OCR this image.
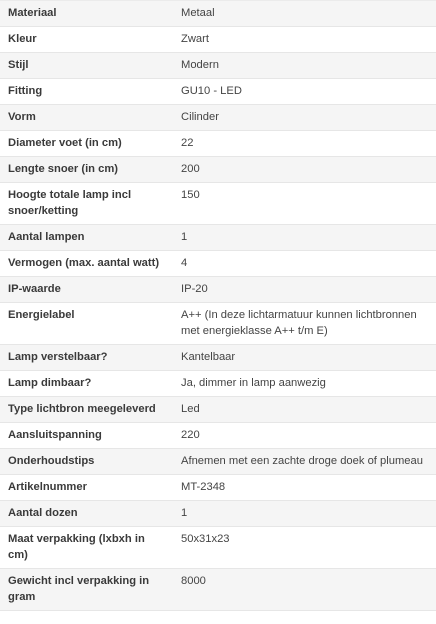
Materiaal	Metaal
Kleur	Zwart
Stijl	Modern
Fitting	GU10 - LED
Vorm	Cilinder
Diameter voet (in cm)	22
Lengte snoer (in cm)	200
Hoogte totale lamp incl snoer/ketting	150
Aantal lampen	1
Vermogen (max. aantal watt)	4
IP-waarde	IP-20
Energielabel	A++ (In deze lichtarmatuur kunnen lichtbronnen met energieklasse A++ t/m E)
Lamp verstelbaar?	Kantelbaar
Lamp dimbaar?	Ja, dimmer in lamp aanwezig
Type lichtbron meegeleverd	Led
Aansluitspanning	220
Onderhoudstips	Afnemen met een zachte droge doek of plumeau
Artikelnummer	MT-2348
Aantal dozen	1
Maat verpakking (lxbxh in cm)	50x31x23
Gewicht incl verpakking in gram	8000
